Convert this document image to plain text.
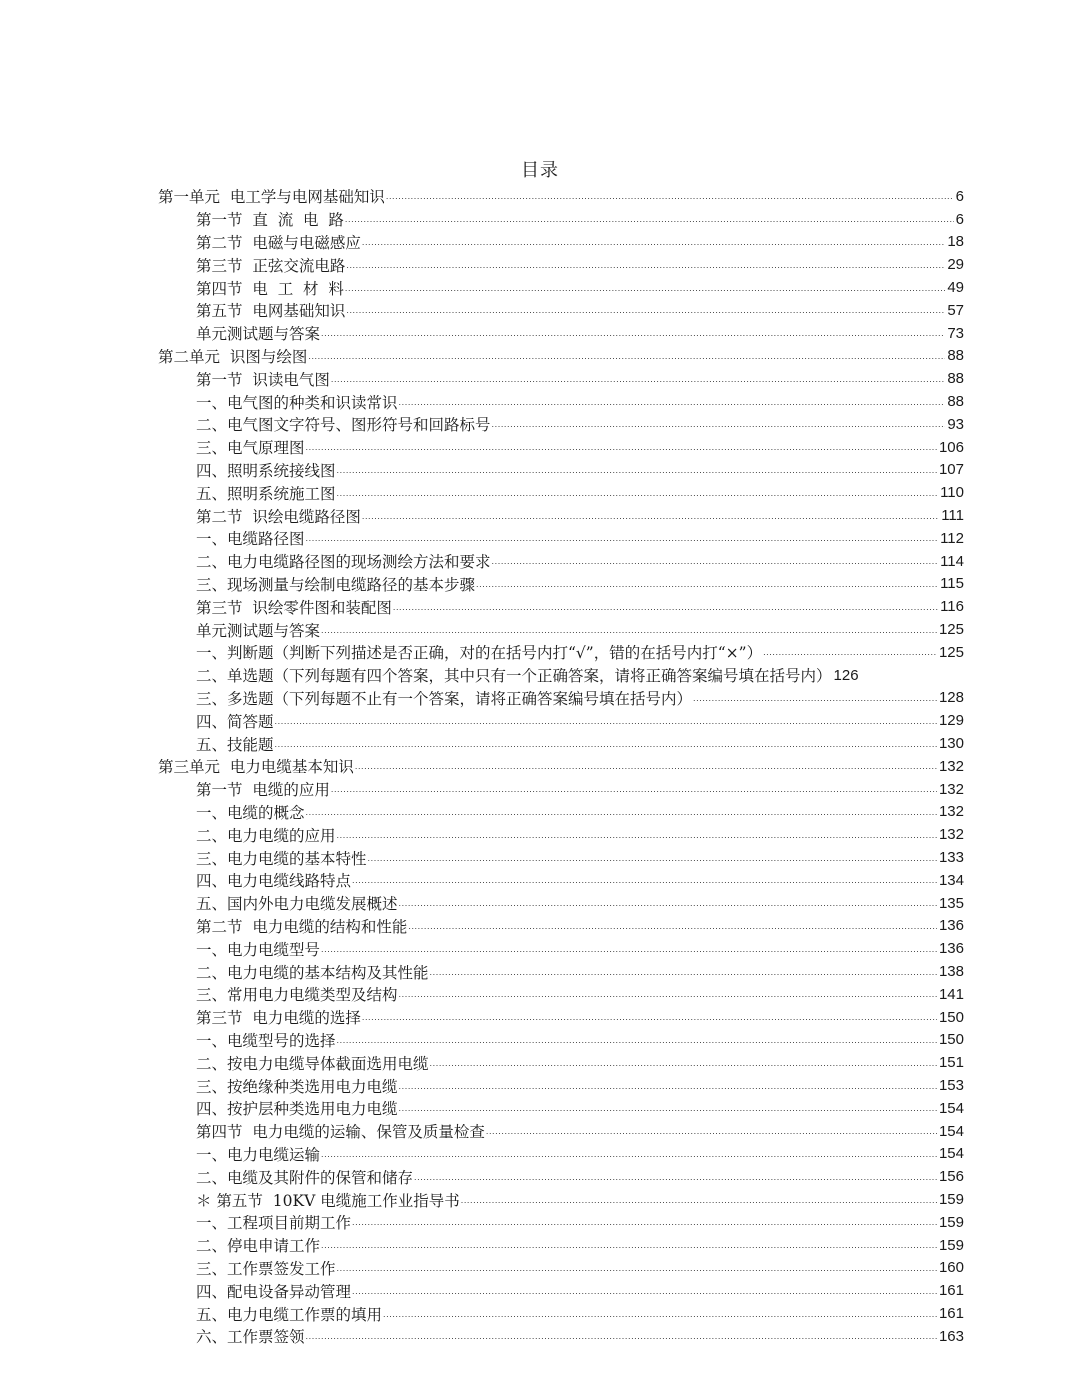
目录
第一单元  电工学与电网基础知识 .....	6
第一节  直  流  电  路 .....	6
第二节  电磁与电磁感应 .....	18
第三节  正弦交流电路 .....	29
第四节  电  工  材  料 .....	49
第五节  电网基础知识 .....	57
单元测试题与答案 .....	73
第二单元  识图与绘图 .....	88
第一节  识读电气图 .....	88
一、电气图的种类和识读常识 .....	88
二、电气图文字符号、图形符号和回路标号 .....	93
三、电气原理图 .....	106
四、照明系统接线图 .....	107
五、照明系统施工图 .....	110
第二节  识绘电缆路径图 .....	111
一、电缆路径图 .....	112
二、电力电缆路径图的现场测绘方法和要求 .....	114
三、现场测量与绘制电缆路径的基本步骤 .....	115
第三节  识绘零件图和装配图 .....	116
单元测试题与答案 .....	125
一、判断题（判断下列描述是否正确，对的在括号内打“√”，错的在括号内打“×”） .....	125
二、单选题（下列每题有四个答案，其中只有一个正确答案，请将正确答案编号填在括号内） 126
三、多选题（下列每题不止有一个答案，请将正确答案编号填在括号内） .....	128
四、简答题 .....	129
五、技能题 .....	130
第三单元  电力电缆基本知识 .....	132
第一节  电缆的应用 .....	132
一、电缆的概念 .....	132
二、电力电缆的应用 .....	132
三、电力电缆的基本特性 .....	133
四、电力电缆线路特点 .....	134
五、国内外电力电缆发展概述 .....	135
第二节  电力电缆的结构和性能 .....	136
一、电力电缆型号 .....	136
二、电力电缆的基本结构及其性能 .....	138
三、常用电力电缆类型及结构 .....	141
第三节  电力电缆的选择 .....	150
一、电缆型号的选择 .....	150
二、按电力电缆导体截面选用电缆 .....	151
三、按绝缘种类选用电力电缆 .....	153
四、按护层种类选用电力电缆 .....	154
第四节  电力电缆的运输、保管及质量检查 .....	154
一、电力电缆运输 .....	154
二、电缆及其附件的保管和储存 .....	156
＊ 第五节  10KV 电缆施工作业指导书 .....	159
一、工程项目前期工作 .....	159
二、停电申请工作 .....	159
三、工作票签发工作 .....	160
四、配电设备异动管理 .....	161
五、电力电缆工作票的填用 .....	161
六、工作票签领 .....	163
